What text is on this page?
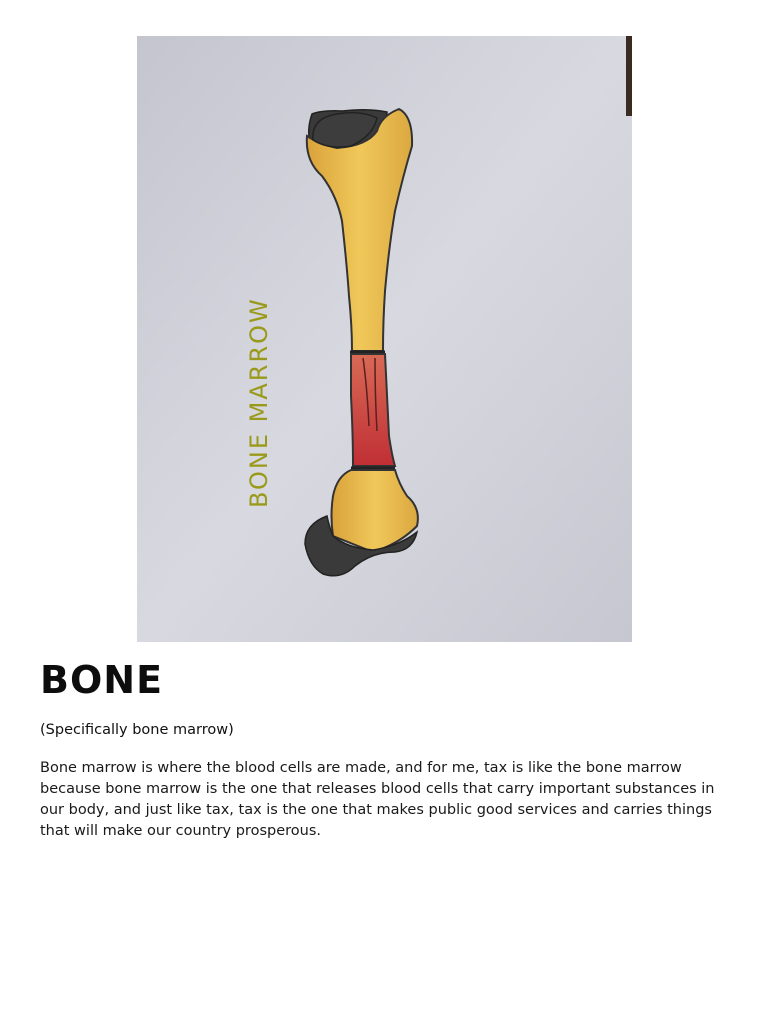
BONE MARROW
BONE

(Specifically bone marrow)

Bone marrow is where the blood cells are made, and for me, tax is like the bone marrow because bone marrow is the one that releases blood cells that carry important substances in our body, and just like tax, tax is the one that makes public good services and carries things that will make our country prosperous.
